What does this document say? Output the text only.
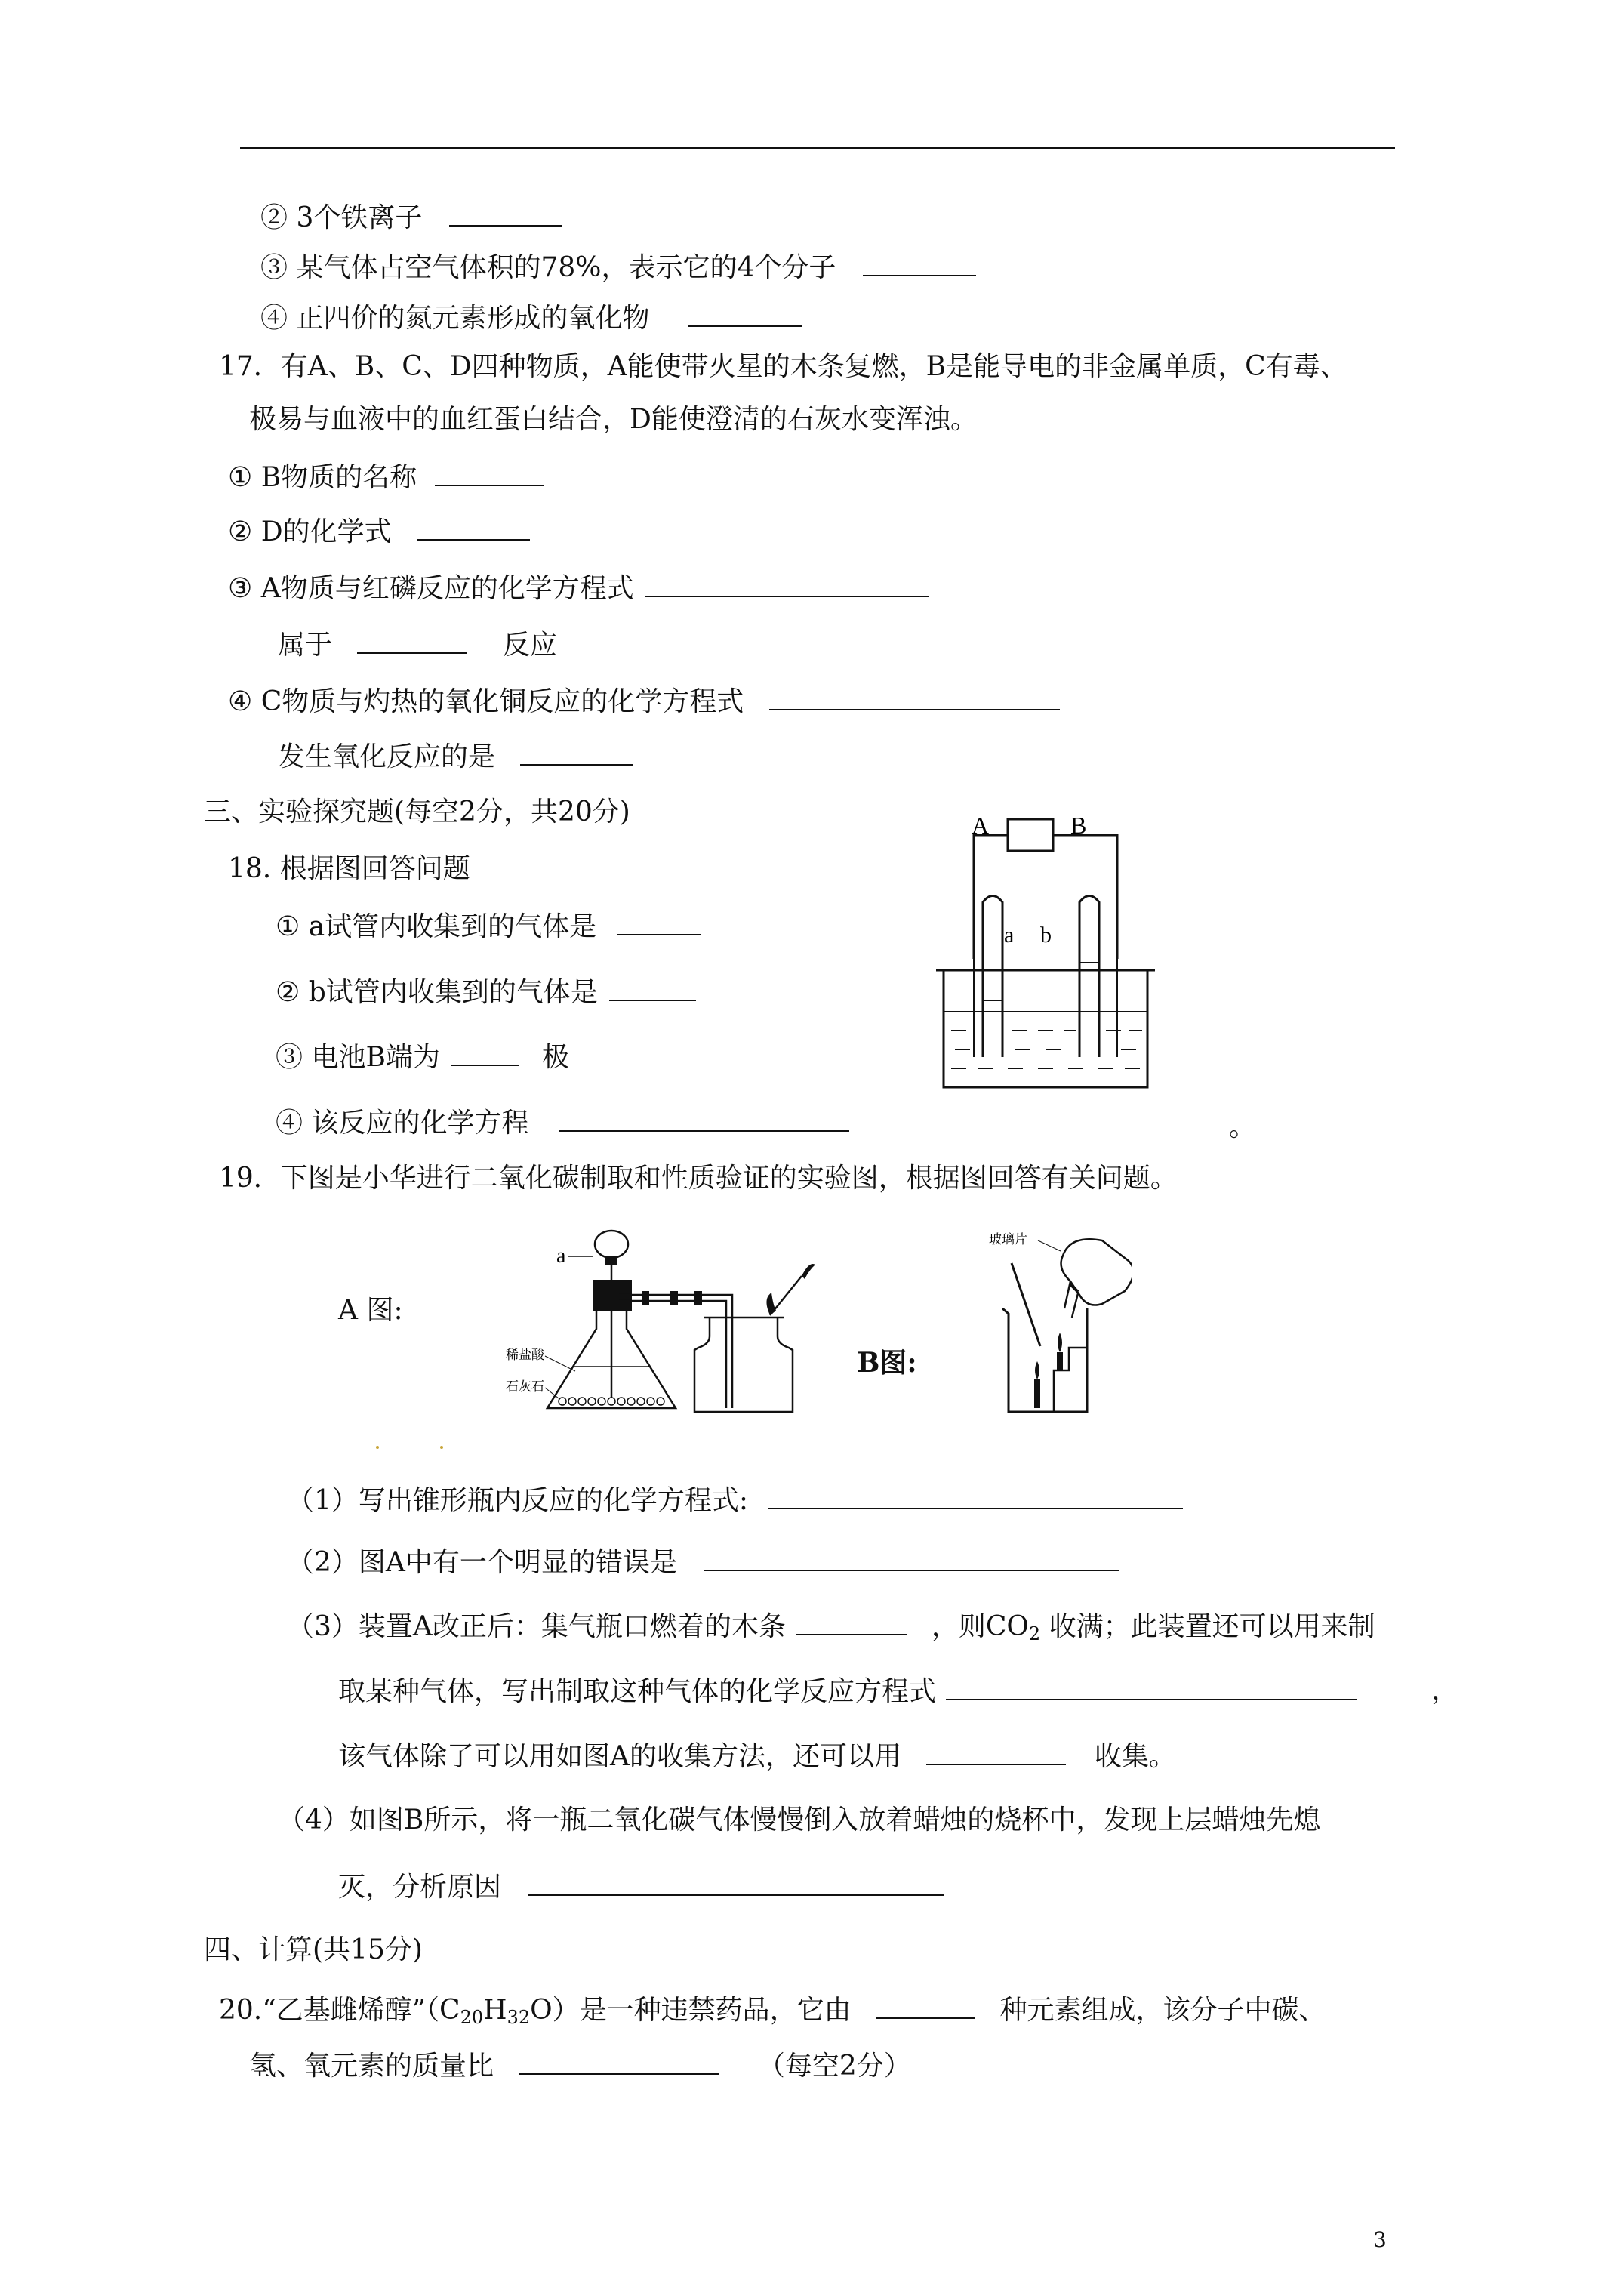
② 3个铁离子
③ 某气体占空气体积的78%，表示它的4个分子
④ 正四价的氮元素形成的氧化物
17．有A、B、C、D四种物质，A能使带火星的木条复燃，B是能导电的非金属单质，C有毒、
极易与血液中的血红蛋白结合，D能使澄清的石灰水变浑浊。
① B物质的名称
② D的化学式
③ A物质与红磷反应的化学方程式
属于	反应
④ C物质与灼热的氧化铜反应的化学方程式
发生氧化反应的是
三、实验探究题(每空2分，共20分)
18. 根据图回答问题
① a试管内收集到的气体是
② b试管内收集到的气体是
③ 电池B端为	极
④ 该反应的化学方程	。
A	B
a b
19．下图是小华进行二氧化碳制取和性质验证的实验图，根据图回答有关问题。
A 图:
a
稀盐酸
石灰石
B图:
玻璃片
（1）写出锥形瓶内反应的化学方程式:
（2）图A中有一个明显的错误是
（3）装置A改正后：集气瓶口燃着的木条	，则$CO_2$ 收满；此装置还可以用来制
取某种气体，写出制取这种气体的化学反应方程式	，
该气体除了可以用如图A的收集方法，还可以用	收集。
（4）如图B所示，将一瓶二氧化碳气体慢慢倒入放着蜡烛的烧杯中，发现上层蜡烛先熄
灭，分析原因
四、计算(共15分)
20.“乙基雌烯醇$”(C_{20}H_{32}O)$是一种违禁药品，它由	种元素组成，该分子中碳、
氢、氧元素的质量比	（每空2分）
3
